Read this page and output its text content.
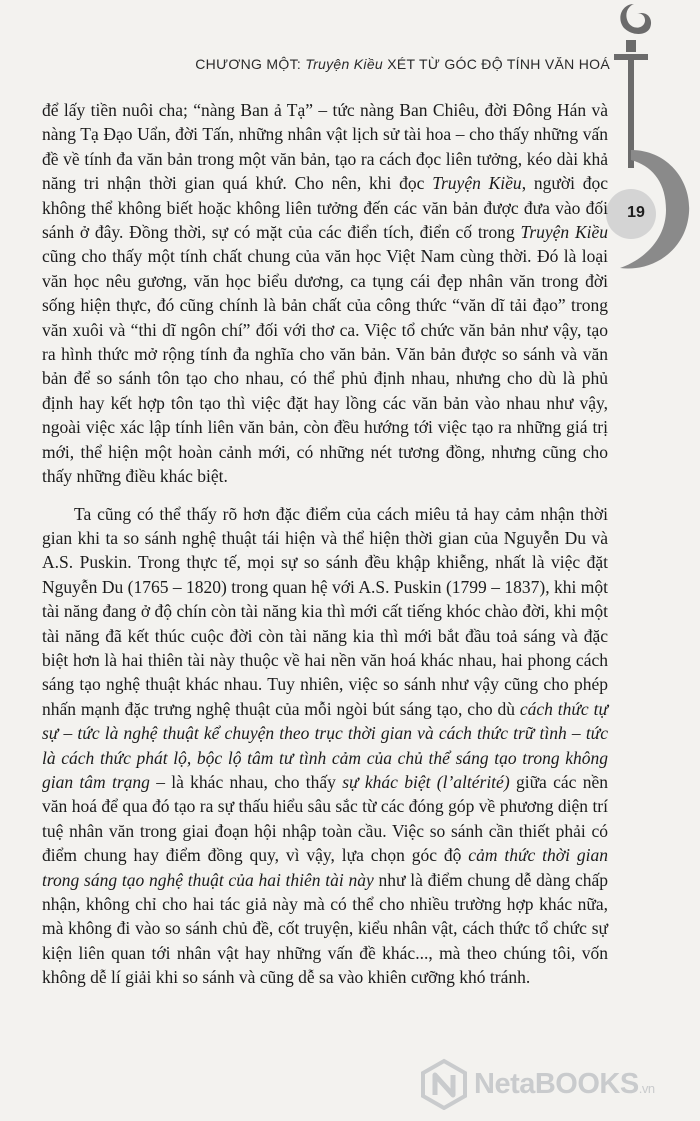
CHƯƠNG MỘT: Truyện Kiều XÉT TỪ GÓC ĐỘ TÍNH VĂN HOÁ
19

để lấy tiền nuôi cha; “nàng Ban ả Tạ” – tức nàng Ban Chiêu, đời Đông Hán và nàng Tạ Đạo Uẩn, đời Tấn, những nhân vật lịch sử tài hoa – cho thấy những vấn đề về tính đa văn bản trong một văn bản, tạo ra cách đọc liên tưởng, kéo dài khả năng tri nhận thời gian quá khứ. Cho nên, khi đọc Truyện Kiều, người đọc không thể không biết hoặc không liên tưởng đến các văn bản được đưa vào đối sánh ở đây. Đồng thời, sự có mặt của các điển tích, điển cố trong Truyện Kiều cũng cho thấy một tính chất chung của văn học Việt Nam cùng thời. Đó là loại văn học nêu gương, văn học biểu dương, ca tụng cái đẹp nhân văn trong đời sống hiện thực, đó cũng chính là bản chất của công thức “văn dĩ tải đạo” trong văn xuôi và “thi dĩ ngôn chí” đối với thơ ca. Việc tổ chức văn bản như vậy, tạo ra hình thức mở rộng tính đa nghĩa cho văn bản. Văn bản được so sánh và văn bản để so sánh tôn tạo cho nhau, có thể phủ định nhau, nhưng cho dù là phủ định hay kết hợp tôn tạo thì việc đặt hay lồng các văn bản vào nhau như vậy, ngoài việc xác lập tính liên văn bản, còn đều hướng tới việc tạo ra những giá trị mới, thể hiện một hoàn cảnh mới, có những nét tương đồng, nhưng cũng cho thấy những điều khác biệt.

Ta cũng có thể thấy rõ hơn đặc điểm của cách miêu tả hay cảm nhận thời gian khi ta so sánh nghệ thuật tái hiện và thể hiện thời gian của Nguyễn Du và A.S. Puskin. Trong thực tế, mọi sự so sánh đều khập khiễng, nhất là việc đặt Nguyễn Du (1765 – 1820) trong quan hệ với A.S. Puskin (1799 – 1837), khi một tài năng đang ở độ chín còn tài năng kia thì mới cất tiếng khóc chào đời, khi một tài năng đã kết thúc cuộc đời còn tài năng kia thì mới bắt đầu toả sáng và đặc biệt hơn là hai thiên tài này thuộc về hai nền văn hoá khác nhau, hai phong cách sáng tạo nghệ thuật khác nhau. Tuy nhiên, việc so sánh như vậy cũng cho phép nhấn mạnh đặc trưng nghệ thuật của mỗi ngòi bút sáng tạo, cho dù cách thức tự sự – tức là nghệ thuật kể chuyện theo trục thời gian và cách thức trữ tình – tức là cách thức phát lộ, bộc lộ tâm tư tình cảm của chủ thể sáng tạo trong không gian tâm trạng – là khác nhau, cho thấy sự khác biệt (l’altérité) giữa các nền văn hoá để qua đó tạo ra sự thấu hiểu sâu sắc từ các đóng góp về phương diện trí tuệ nhân văn trong giai đoạn hội nhập toàn cầu. Việc so sánh cần thiết phải có điểm chung hay điểm đồng quy, vì vậy, lựa chọn góc độ cảm thức thời gian trong sáng tạo nghệ thuật của hai thiên tài này như là điểm chung dễ dàng chấp nhận, không chỉ cho hai tác giả này mà có thể cho nhiều trường hợp khác nữa, mà không đi vào so sánh chủ đề, cốt truyện, kiểu nhân vật, cách thức tổ chức sự kiện liên quan tới nhân vật hay những vấn đề khác..., mà theo chúng tôi, vốn không dễ lí giải khi so sánh và cũng dễ sa vào khiên cưỡng khó tránh.

NetaBOOKS.vn
